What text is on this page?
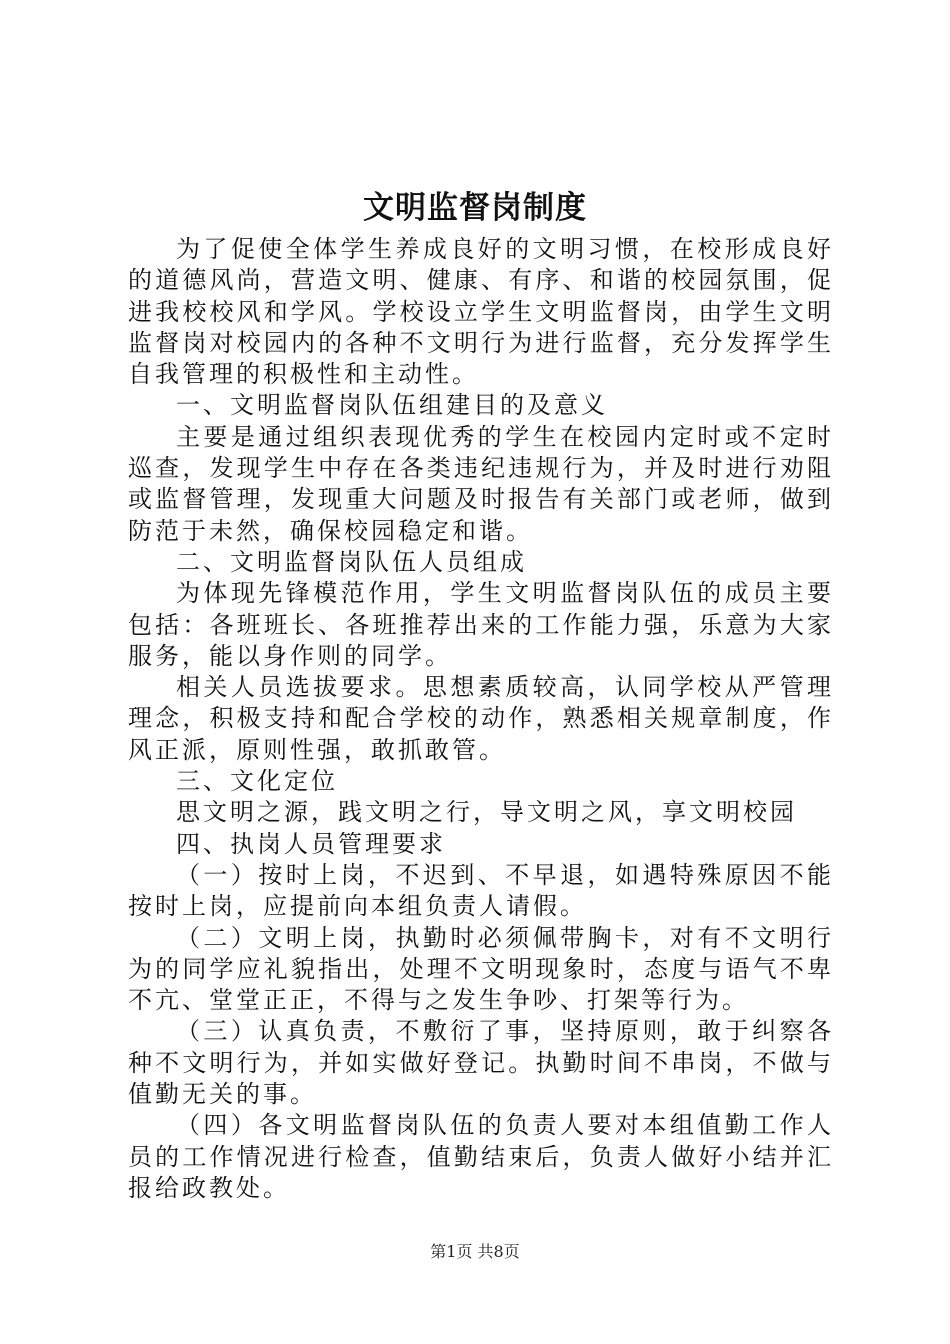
文明监督岗制度

为了促使全体学生养成良好的文明习惯，在校形成良好的道德风尚，营造文明、健康、有序、和谐的校园氛围，促进我校校风和学风。学校设立学生文明监督岗，由学生文明监督岗对校园内的各种不文明行为进行监督，充分发挥学生自我管理的积极性和主动性。

一、文明监督岗队伍组建目的及意义

主要是通过组织表现优秀的学生在校园内定时或不定时巡查，发现学生中存在各类违纪违规行为，并及时进行劝阻或监督管理，发现重大问题及时报告有关部门或老师，做到防范于未然，确保校园稳定和谐。

二、文明监督岗队伍人员组成

为体现先锋模范作用，学生文明监督岗队伍的成员主要包括：各班班长、各班推荐出来的工作能力强，乐意为大家服务，能以身作则的同学。

相关人员选拔要求。思想素质较高，认同学校从严管理理念，积极支持和配合学校的动作，熟悉相关规章制度，作风正派，原则性强，敢抓敢管。

三、文化定位

思文明之源，践文明之行，导文明之风，享文明校园

四、执岗人员管理要求

（一）按时上岗，不迟到、不早退，如遇特殊原因不能按时上岗，应提前向本组负责人请假。

（二）文明上岗，执勤时必须佩带胸卡，对有不文明行为的同学应礼貌指出，处理不文明现象时，态度与语气不卑不亢、堂堂正正，不得与之发生争吵、打架等行为。

（三）认真负责，不敷衍了事，坚持原则，敢于纠察各种不文明行为，并如实做好登记。执勤时间不串岗，不做与值勤无关的事。

（四）各文明监督岗队伍的负责人要对本组值勤工作人员的工作情况进行检查，值勤结束后，负责人做好小结并汇报给政教处。

第1页 共8页
